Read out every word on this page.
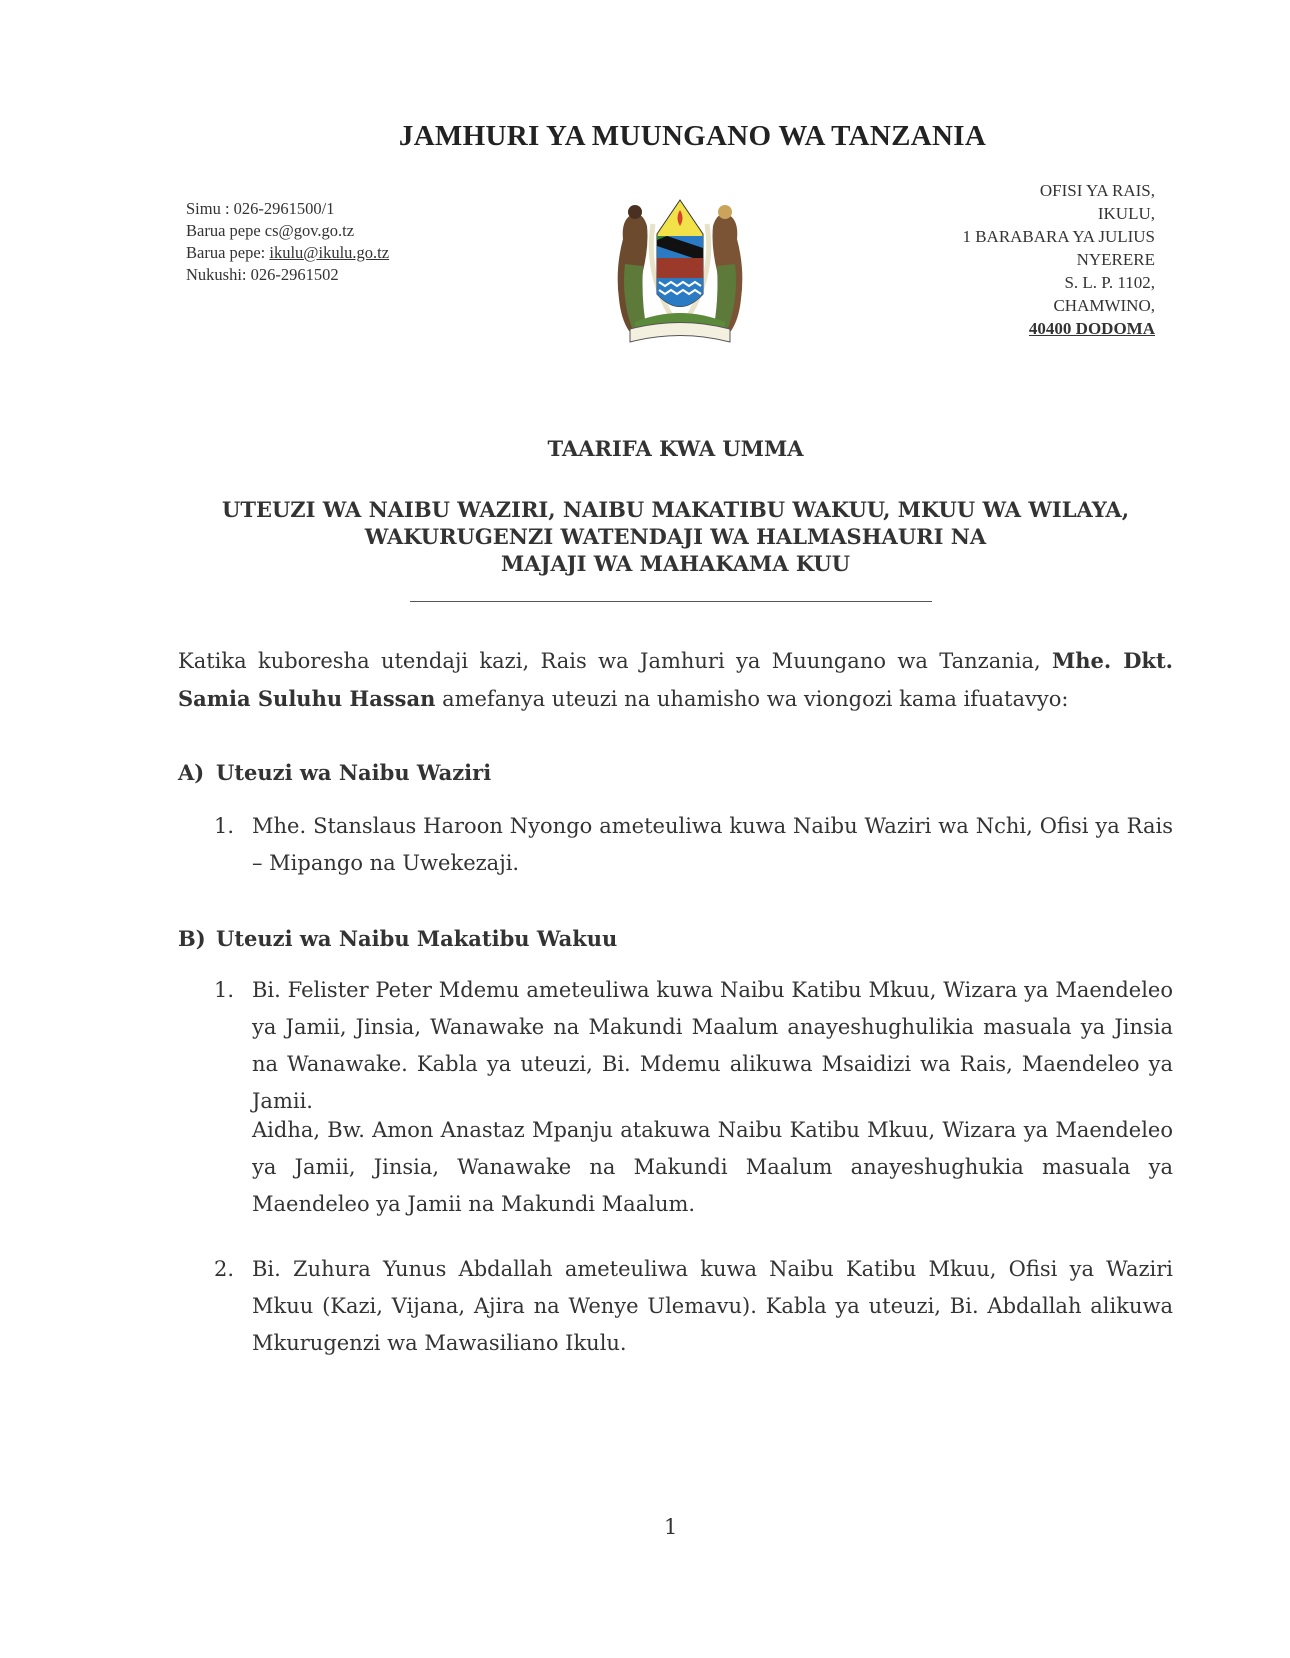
JAMHURI YA MUUNGANO WA TANZANIA
Simu : 026-2961500/1
Barua pepe cs@gov.go.tz
Barua pepe: ikulu@ikulu.go.tz
Nukushi: 026-2961502
OFISI YA RAIS,
IKULU,
1 BARABARA YA JULIUS
NYERERE
S. L. P. 1102,
CHAMWINO,
40400 DODOMA
TAARIFA KWA UMMA
UTEUZI WA NAIBU WAZIRI, NAIBU MAKATIBU WAKUU, MKUU WA WILAYA,
WAKURUGENZI WATENDAJI WA HALMASHAURI NA
MAJAJI WA MAHAKAMA KUU
Katika kuboresha utendaji kazi, Rais wa Jamhuri ya Muungano wa Tanzania, Mhe. Dkt. Samia Suluhu Hassan amefanya uteuzi na uhamisho wa viongozi kama ifuatavyo:
A) Uteuzi wa Naibu Waziri
1. Mhe. Stanslaus Haroon Nyongo ameteuliwa kuwa Naibu Waziri wa Nchi, Ofisi ya Rais – Mipango na Uwekezaji.
B) Uteuzi wa Naibu Makatibu Wakuu
1. Bi. Felister Peter Mdemu ameteuliwa kuwa Naibu Katibu Mkuu, Wizara ya Maendeleo ya Jamii, Jinsia, Wanawake na Makundi Maalum anayeshughulikia masuala ya Jinsia na Wanawake. Kabla ya uteuzi, Bi. Mdemu alikuwa Msaidizi wa Rais, Maendeleo ya Jamii.
Aidha, Bw. Amon Anastaz Mpanju atakuwa Naibu Katibu Mkuu, Wizara ya Maendeleo ya Jamii, Jinsia, Wanawake na Makundi Maalum anayeshughukia masuala ya Maendeleo ya Jamii na Makundi Maalum.
2. Bi. Zuhura Yunus Abdallah ameteuliwa kuwa Naibu Katibu Mkuu, Ofisi ya Waziri Mkuu (Kazi, Vijana, Ajira na Wenye Ulemavu). Kabla ya uteuzi, Bi. Abdallah alikuwa Mkurugenzi wa Mawasiliano Ikulu.
1
